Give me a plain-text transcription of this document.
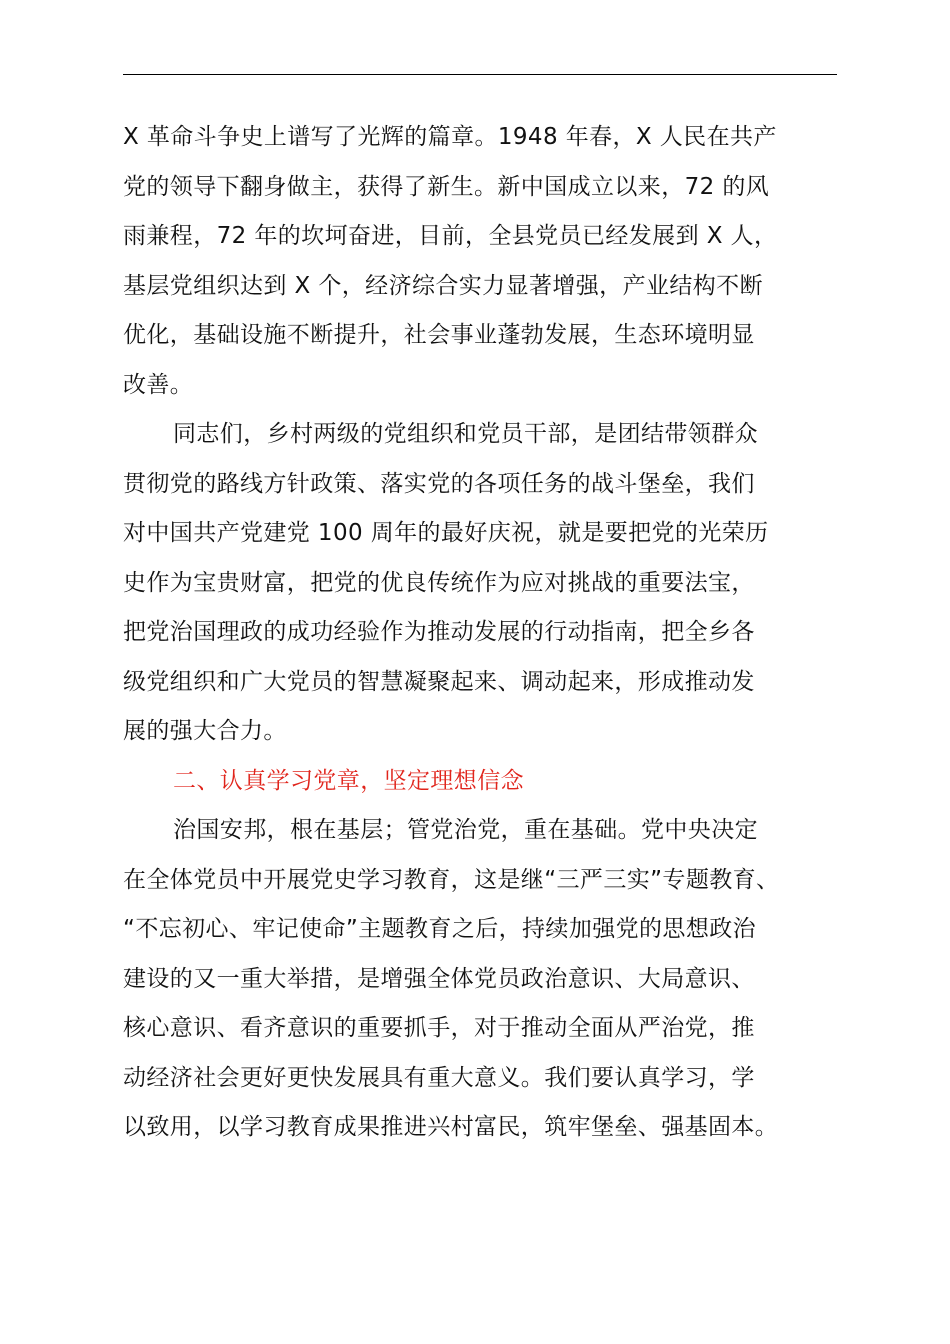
X 革命斗争史上谱写了光辉的篇章。1948 年春，X 人民在共产
党的领导下翻身做主，获得了新生。新中国成立以来，72 的风
雨兼程，72 年的坎坷奋进，目前，全县党员已经发展到 X 人，
基层党组织达到 X 个，经济综合实力显著增强，产业结构不断
优化，基础设施不断提升，社会事业蓬勃发展，生态环境明显
改善。
同志们，乡村两级的党组织和党员干部，是团结带领群众
贯彻党的路线方针政策、落实党的各项任务的战斗堡垒，我们
对中国共产党建党 100 周年的最好庆祝，就是要把党的光荣历
史作为宝贵财富，把党的优良传统作为应对挑战的重要法宝，
把党治国理政的成功经验作为推动发展的行动指南，把全乡各
级党组织和广大党员的智慧凝聚起来、调动起来，形成推动发
展的强大合力。
二、认真学习党章，坚定理想信念
治国安邦，根在基层；管党治党，重在基础。党中央决定
在全体党员中开展党史学习教育，这是继“三严三实”专题教育、
“不忘初心、牢记使命”主题教育之后，持续加强党的思想政治
建设的又一重大举措，是增强全体党员政治意识、大局意识、
核心意识、看齐意识的重要抓手，对于推动全面从严治党，推
动经济社会更好更快发展具有重大意义。我们要认真学习，学
以致用，以学习教育成果推进兴村富民，筑牢堡垒、强基固本。
